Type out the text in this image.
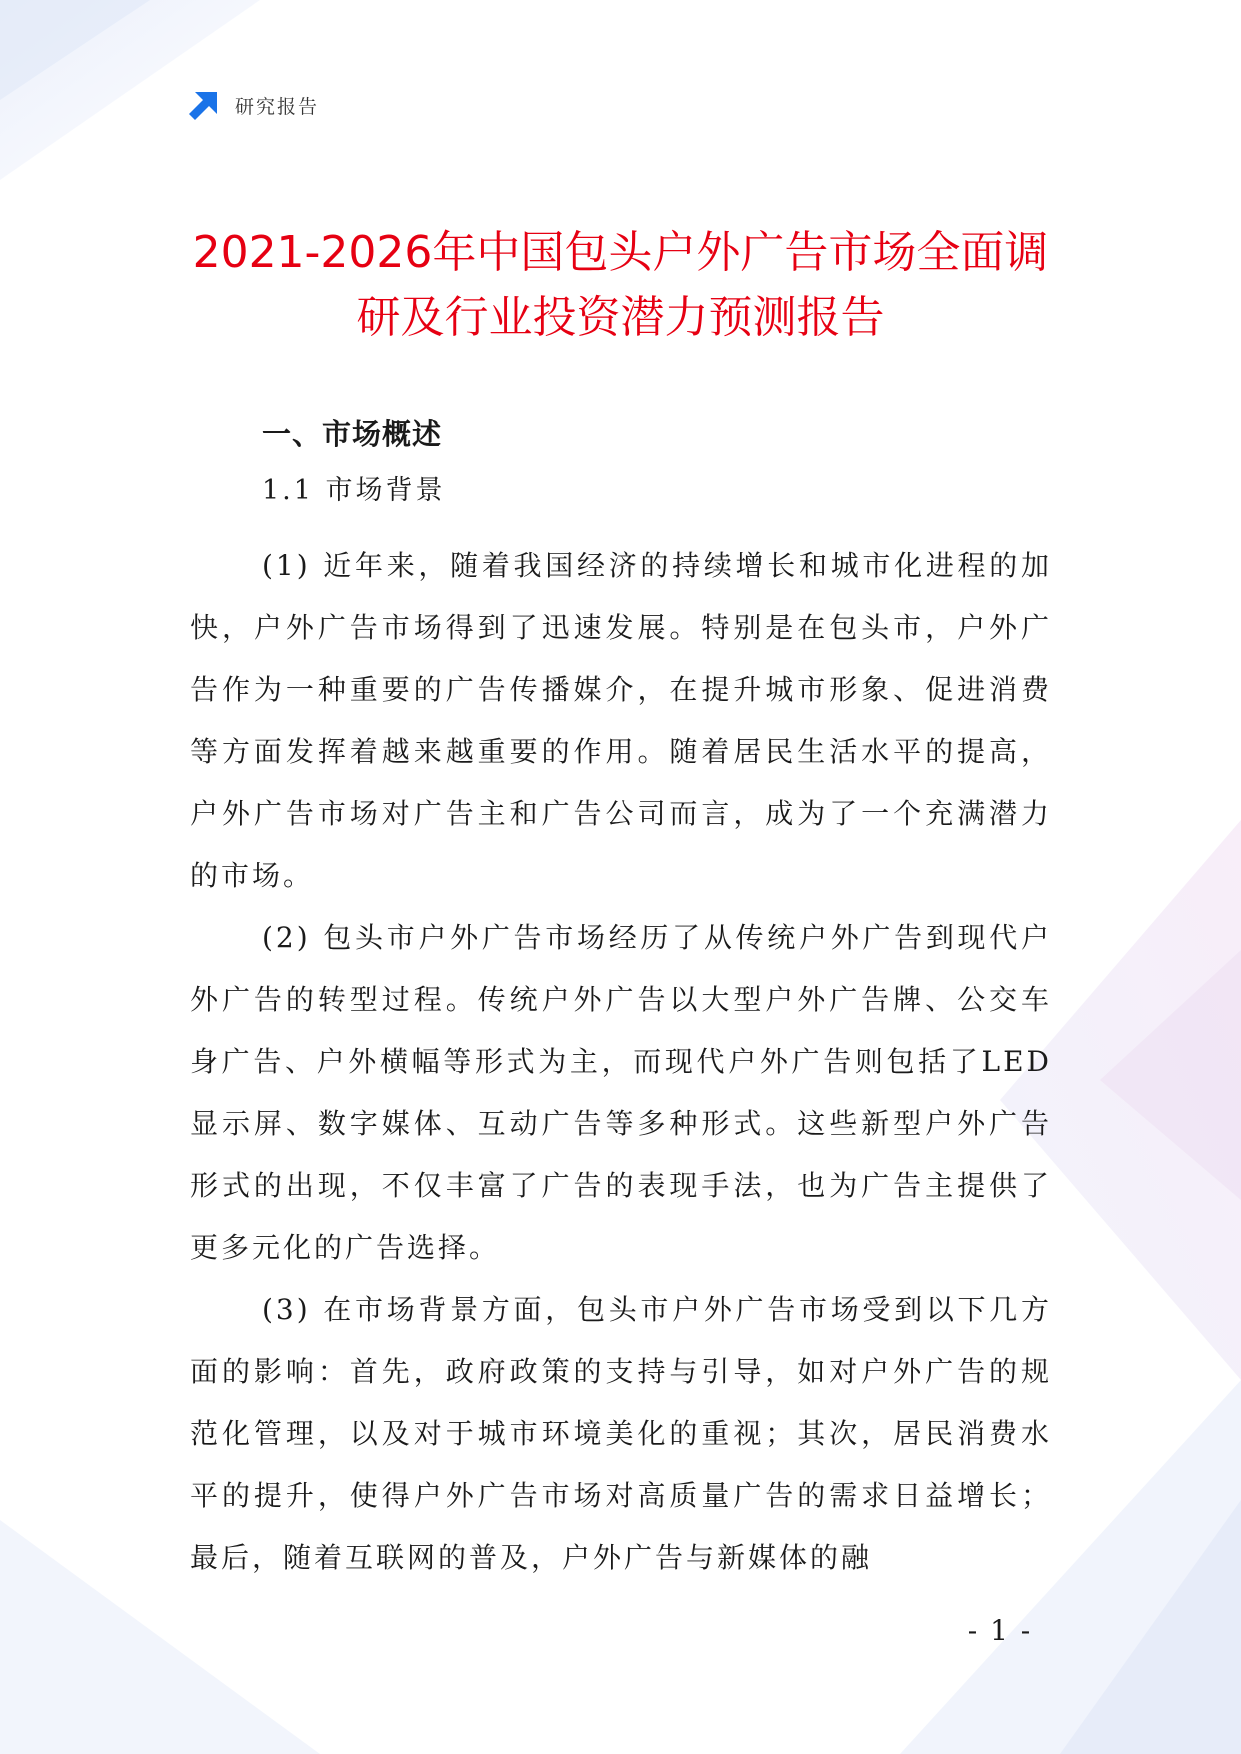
研究报告
2021-2026年中国包头户外广告市场全面调
研及行业投资潜力预测报告
一、市场概述
1.1 市场背景

(1) 近年来，随着我国经济的持续增长和城市化进程的加快，户外广告市场得到了迅速发展。特别是在包头市，户外广告作为一种重要的广告传播媒介，在提升城市形象、促进消费等方面发挥着越来越重要的作用。随着居民生活水平的提高，户外广告市场对广告主和广告公司而言，成为了一个充满潜力的市场。

(2) 包头市户外广告市场经历了从传统户外广告到现代户外广告的转型过程。传统户外广告以大型户外广告牌、公交车身广告、户外横幅等形式为主，而现代户外广告则包括了LED显示屏、数字媒体、互动广告等多种形式。这些新型户外广告形式的出现，不仅丰富了广告的表现手法，也为广告主提供了更多元化的广告选择。

(3) 在市场背景方面，包头市户外广告市场受到以下几方面的影响：首先，政府政策的支持与引导，如对户外广告的规范化管理，以及对于城市环境美化的重视；其次，居民消费水平的提升，使得户外广告市场对高质量广告的需求日益增长；最后，随着互联网的普及，户外广告与新媒体的融

- 1 -
